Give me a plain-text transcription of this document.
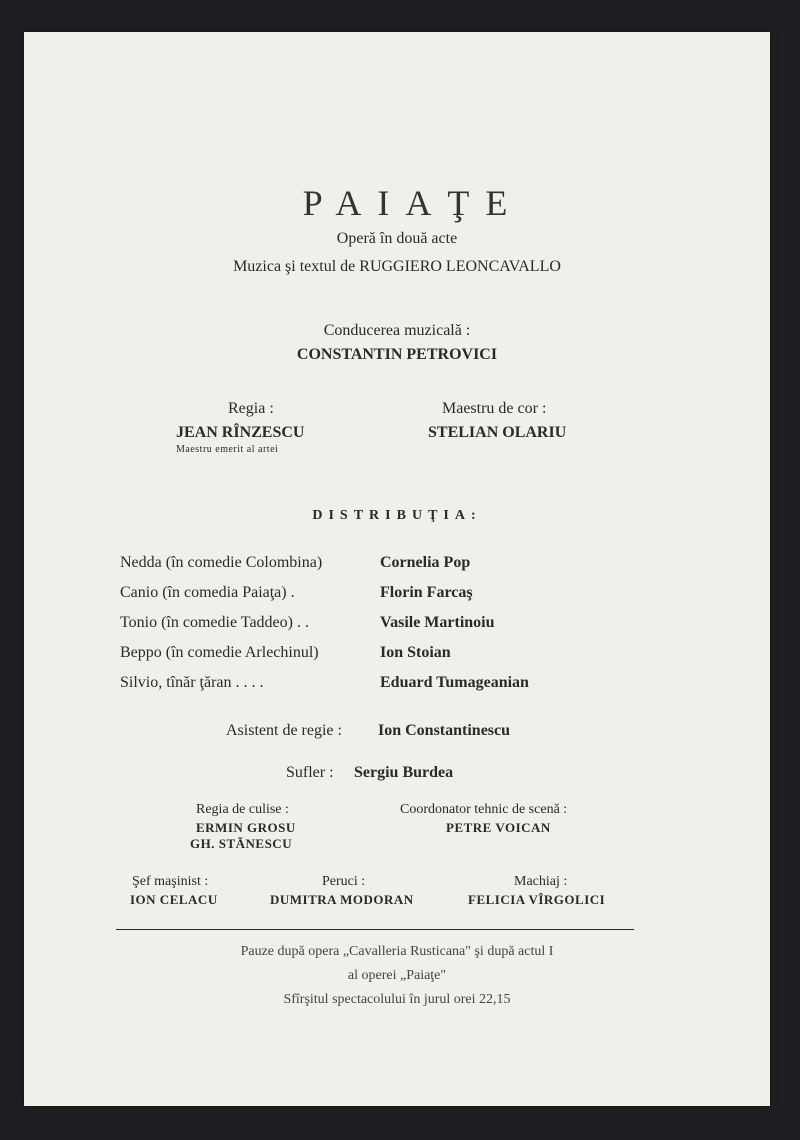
PAIAŢE
Operă în două acte
Muzica şi textul de RUGGIERO LEONCAVALLO
Conducerea muzicală :
CONSTANTIN PETROVICI
Regia :
JEAN RÎNZESCU
Maestru emerit al artei
Maestru de cor :
STELIAN OLARIU
DISTRIBUŢIA:
Nedda (în comedie Colombina)	Cornelia Pop
Canio (în comedia Paiaţa) .	Florin Farcaş
Tonio (în comedie Taddeo) . .	Vasile Martinoiu
Beppo (în comedie Arlechinul)	Ion Stoian
Silvio, tînăr ţăran . . . .	Eduard Tumageanian
Asistent de regie : Ion Constantinescu
Sufler : Sergiu Burdea
Regia de culise :
ERMIN GROSU
GH. STĂNESCU
Coordonator tehnic de scenă :
PETRE VOICAN
Şef maşinist :
ION CELACU
Peruci :
DUMITRA MODORAN
Machiaj :
FELICIA VÎRGOLICI
Pauze după opera „Cavalleria Rusticana" şi după actul I
al operei „Paiaţe"
Sfîrşitul spectacolului în jurul orei 22,15
